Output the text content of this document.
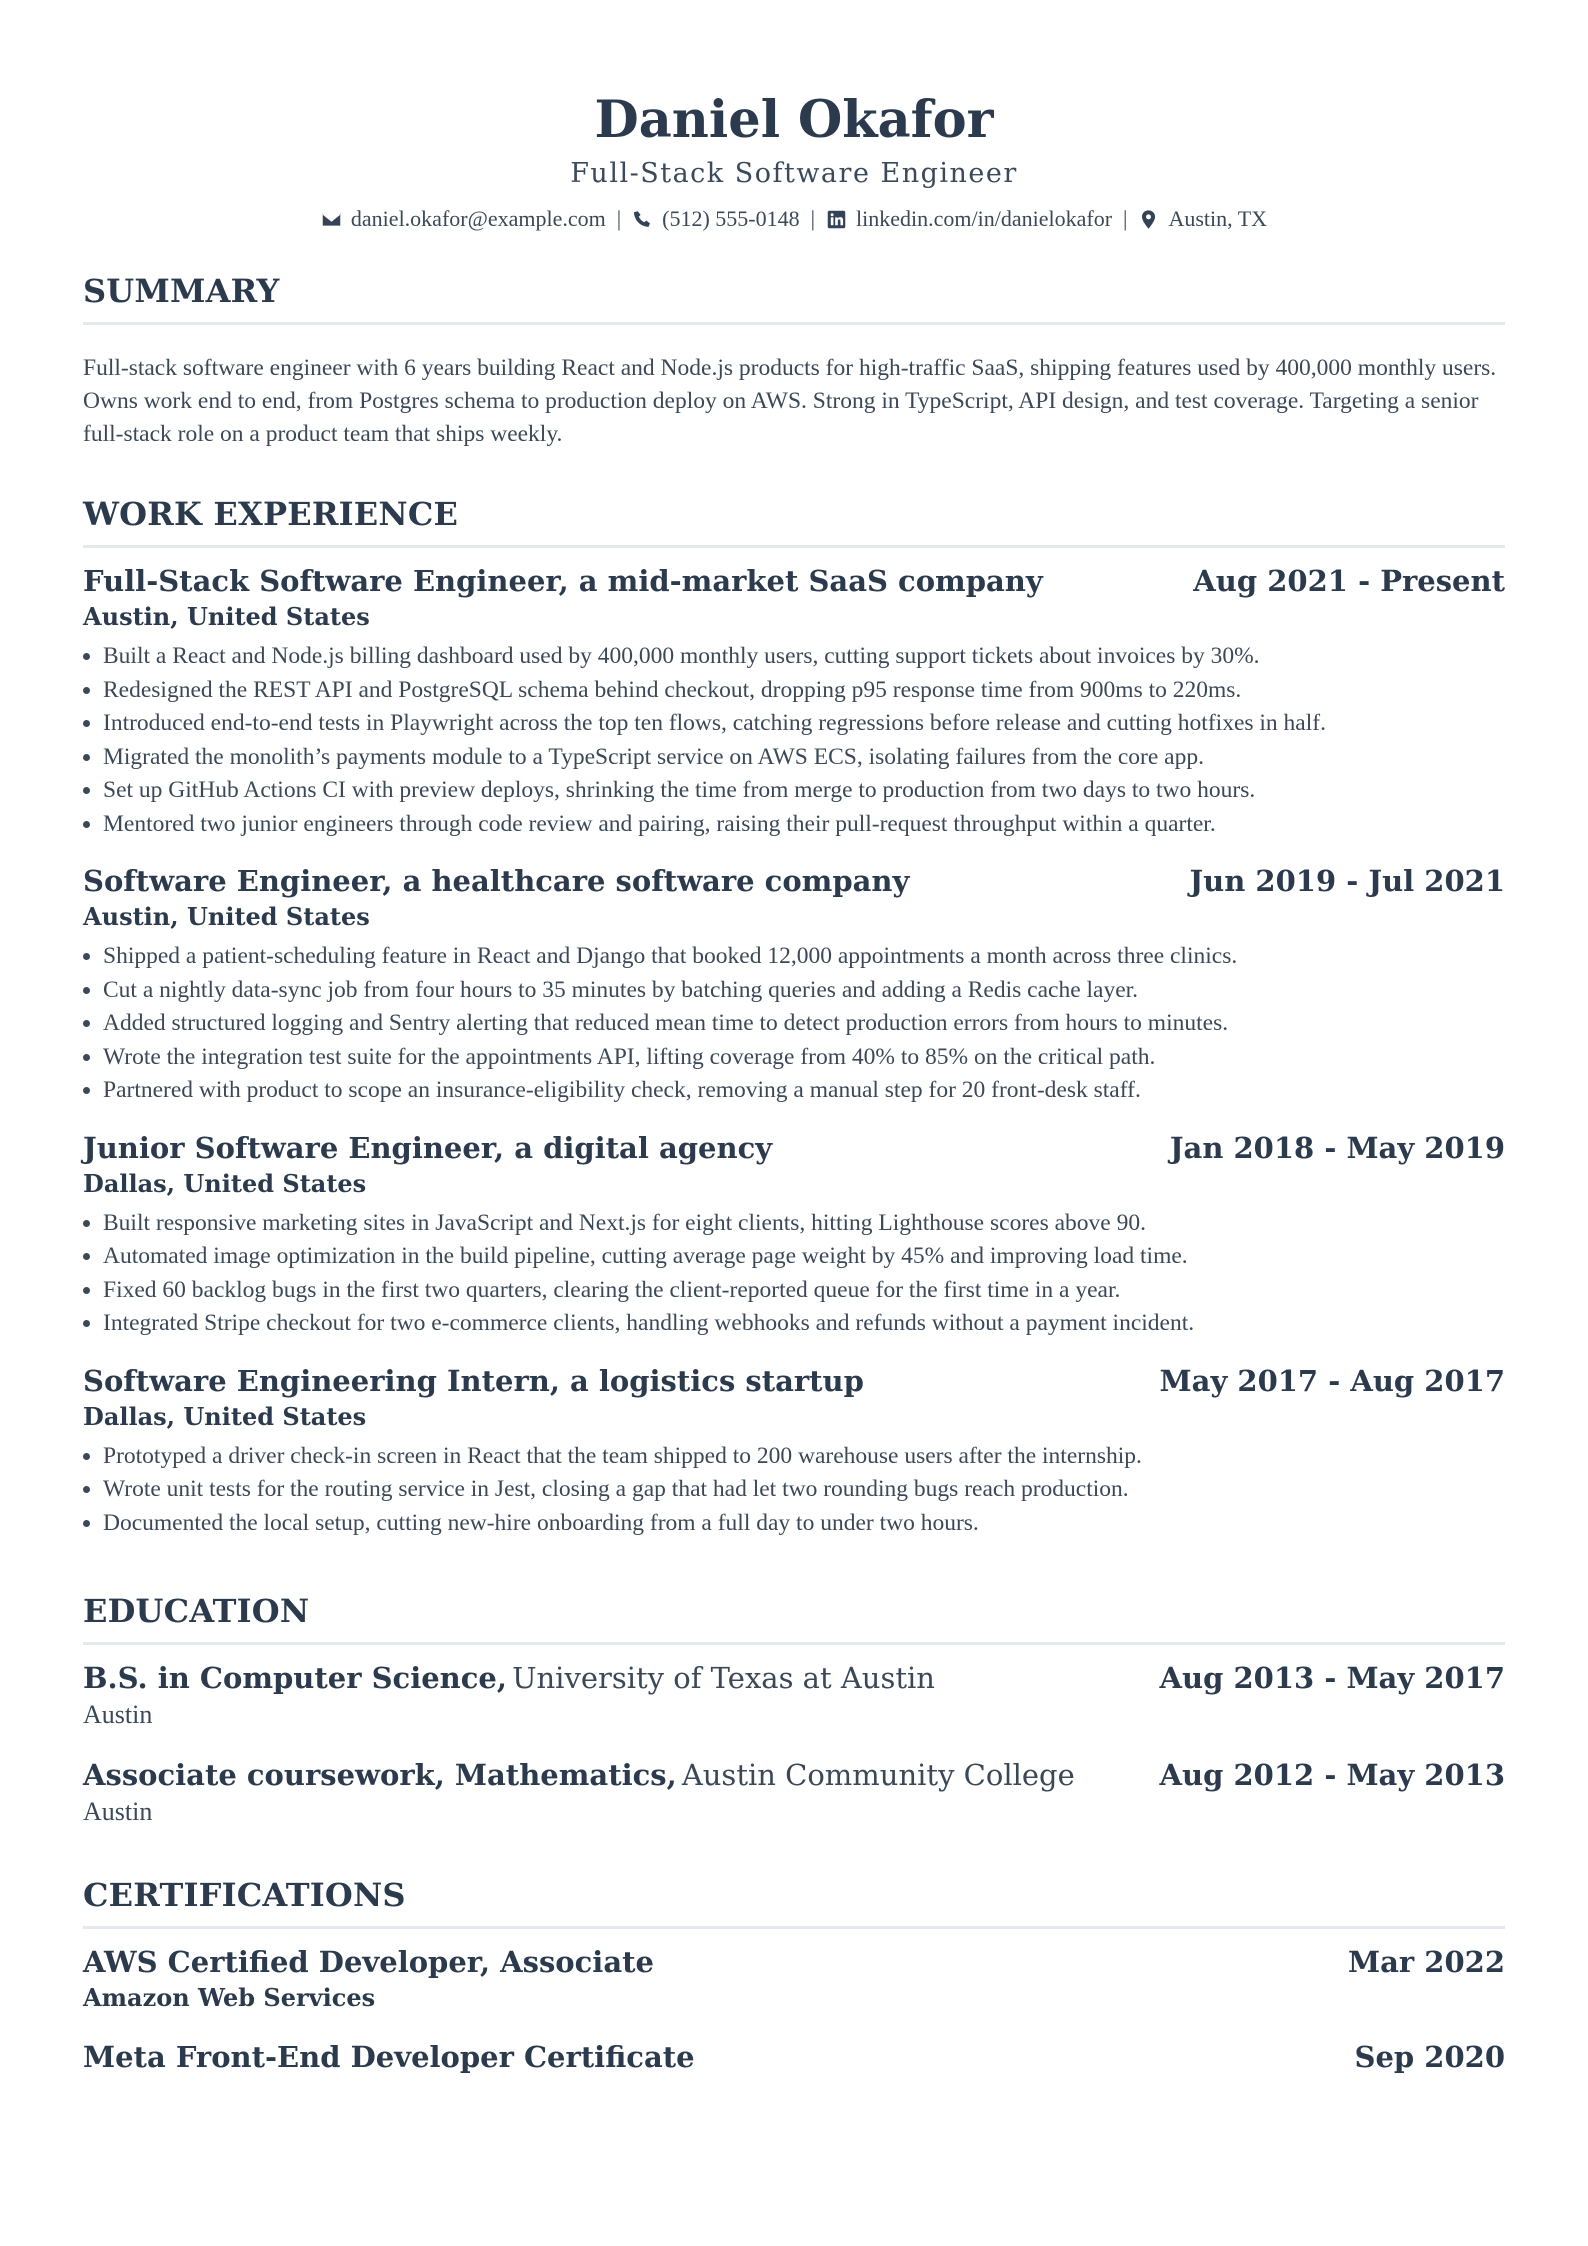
Daniel Okafor
Full-Stack Software Engineer
daniel.okafor@example.com | (512) 555-0148 | linkedin.com/in/danielokafor | Austin, TX
SUMMARY
Full-stack software engineer with 6 years building React and Node.js products for high-traffic SaaS, shipping features used by 400,000 monthly users. Owns work end to end, from Postgres schema to production deploy on AWS. Strong in TypeScript, API design, and test coverage. Targeting a senior full-stack role on a product team that ships weekly.
WORK EXPERIENCE
Full-Stack Software Engineer, a mid-market SaaS company	Aug 2021 - Present
Austin, United States
• Built a React and Node.js billing dashboard used by 400,000 monthly users, cutting support tickets about invoices by 30%.
• Redesigned the REST API and PostgreSQL schema behind checkout, dropping p95 response time from 900ms to 220ms.
• Introduced end-to-end tests in Playwright across the top ten flows, catching regressions before release and cutting hotfixes in half.
• Migrated the monolith’s payments module to a TypeScript service on AWS ECS, isolating failures from the core app.
• Set up GitHub Actions CI with preview deploys, shrinking the time from merge to production from two days to two hours.
• Mentored two junior engineers through code review and pairing, raising their pull-request throughput within a quarter.
Software Engineer, a healthcare software company	Jun 2019 - Jul 2021
Austin, United States
• Shipped a patient-scheduling feature in React and Django that booked 12,000 appointments a month across three clinics.
• Cut a nightly data-sync job from four hours to 35 minutes by batching queries and adding a Redis cache layer.
• Added structured logging and Sentry alerting that reduced mean time to detect production errors from hours to minutes.
• Wrote the integration test suite for the appointments API, lifting coverage from 40% to 85% on the critical path.
• Partnered with product to scope an insurance-eligibility check, removing a manual step for 20 front-desk staff.
Junior Software Engineer, a digital agency	Jan 2018 - May 2019
Dallas, United States
• Built responsive marketing sites in JavaScript and Next.js for eight clients, hitting Lighthouse scores above 90.
• Automated image optimization in the build pipeline, cutting average page weight by 45% and improving load time.
• Fixed 60 backlog bugs in the first two quarters, clearing the client-reported queue for the first time in a year.
• Integrated Stripe checkout for two e-commerce clients, handling webhooks and refunds without a payment incident.
Software Engineering Intern, a logistics startup	May 2017 - Aug 2017
Dallas, United States
• Prototyped a driver check-in screen in React that the team shipped to 200 warehouse users after the internship.
• Wrote unit tests for the routing service in Jest, closing a gap that had let two rounding bugs reach production.
• Documented the local setup, cutting new-hire onboarding from a full day to under two hours.
EDUCATION
B.S. in Computer Science, University of Texas at Austin	Aug 2013 - May 2017
Austin
Associate coursework, Mathematics, Austin Community College	Aug 2012 - May 2013
Austin
CERTIFICATIONS
AWS Certified Developer, Associate	Mar 2022
Amazon Web Services
Meta Front-End Developer Certificate	Sep 2020
